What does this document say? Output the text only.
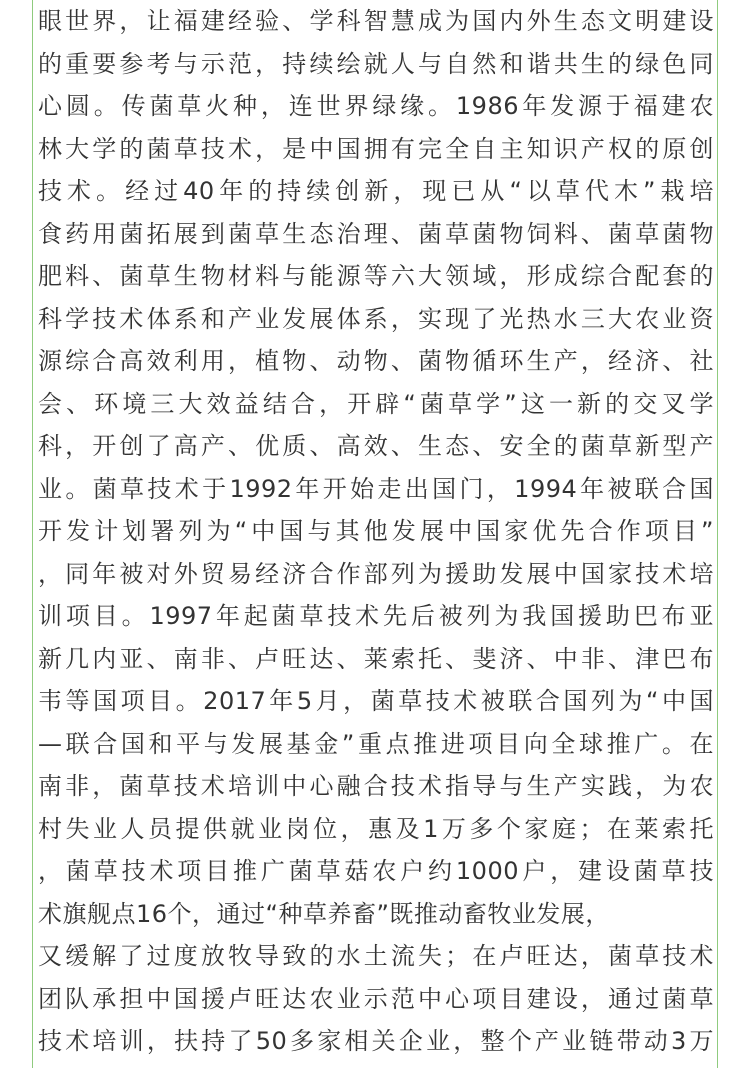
眼世界，让福建经验、学科智慧成为国内外生态文明建设
的重要参考与示范，持续绘就人与自然和谐共生的绿色同
心圆。传菌草火种，连世界绿缘。1986年发源于福建农
林大学的菌草技术，是中国拥有完全自主知识产权的原创
技术。经过40年的持续创新，现已从“以草代木”栽培
食药用菌拓展到菌草生态治理、菌草菌物饲料、菌草菌物
肥料、菌草生物材料与能源等六大领域，形成综合配套的
科学技术体系和产业发展体系，实现了光热水三大农业资
源综合高效利用，植物、动物、菌物循环生产，经济、社
会、环境三大效益结合，开辟“菌草学”这一新的交叉学
科，开创了高产、优质、高效、生态、安全的菌草新型产
业。菌草技术于1992年开始走出国门，1994年被联合国
开发计划署列为“中国与其他发展中国家优先合作项目”
，同年被对外贸易经济合作部列为援助发展中国家技术培
训项目。1997年起菌草技术先后被列为我国援助巴布亚
新几内亚、南非、卢旺达、莱索托、斐济、中非、津巴布
韦等国项目。2017年5月，菌草技术被联合国列为“中国
—联合国和平与发展基金”重点推进项目向全球推广。在
南非，菌草技术培训中心融合技术指导与生产实践，为农
村失业人员提供就业岗位，惠及1万多个家庭；在莱索托
，菌草技术项目推广菌草菇农户约1000户，建设菌草技
术旗舰点16个，通过“种草养畜”既推动畜牧业发展，
又缓解了过度放牧导致的水土流失；在卢旺达，菌草技术
团队承担中国援卢旺达农业示范中心项目建设，通过菌草
技术培训，扶持了50多家相关企业，整个产业链带动3万
